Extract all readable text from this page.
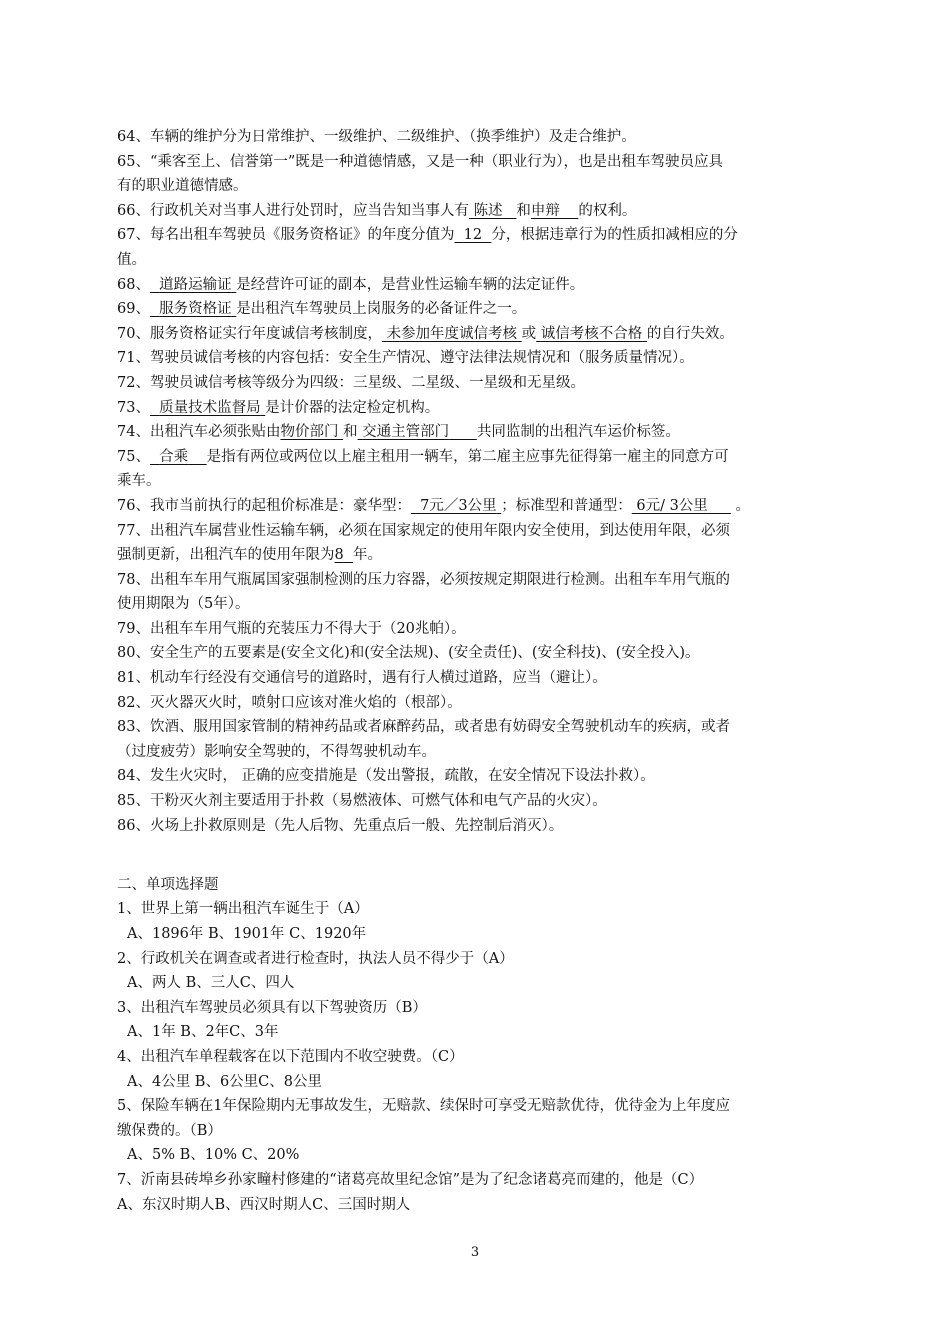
64、车辆的维护分为日常维护、一级维护、二级维护、（换季维护）及走合维护。
65、“乘客至上、信誉第一”既是一种道德情感，又是一种（职业行为），也是出租车驾驶员应具
有的职业道德情感。
66、行政机关对当事人进行处罚时，应当告知当事人有 陈述 和申辩 的权利。
67、每名出租车驾驶员《服务资格证》的年度分值为 12 分，根据违章行为的性质扣减相应的分
值。
68、 道路运输证 是经营许可证的副本，是营业性运输车辆的法定证件。
69、 服务资格证 是出租汽车驾驶员上岗服务的必备证件之一。
70、服务资格证实行年度诚信考核制度， 未参加年度诚信考核 或 诚信考核不合格 的自行失效。
71、驾驶员诚信考核的内容包括：安全生产情况、遵守法律法规情况和（服务质量情况）。
72、驾驶员诚信考核等级分为四级：三星级、二星级、一星级和无星级。
73、 质量技术监督局 是计价器的法定检定机构。
74、出租汽车必须张贴由物价部门 和 交通主管部门 共同监制的出租汽车运价标签。
75、 合乘 是指有两位或两位以上雇主租用一辆车，第二雇主应事先征得第一雇主的同意方可
乘车。
76、我市当前执行的起租价标准是：豪华型： 7元／3公里 ；标准型和普通型： 6元/ 3公里 。
77、出租汽车属营业性运输车辆，必须在国家规定的使用年限内安全使用，到达使用年限，必须
强制更新，出租汽车的使用年限为8 年。
78、出租车车用气瓶属国家强制检测的压力容器，必须按规定期限进行检测。出租车车用气瓶的
使用期限为（5年）。
79、出租车车用气瓶的充装压力不得大于（20兆帕）。
80、安全生产的五要素是(安全文化)和(安全法规)、(安全责任)、(安全科技)、(安全投入)。
81、机动车行经没有交通信号的道路时，遇有行人横过道路，应当（避让）。
82、灭火器灭火时，喷射口应该对准火焰的（根部）。
83、饮酒、服用国家管制的精神药品或者麻醉药品，或者患有妨碍安全驾驶机动车的疾病，或者
（过度疲劳）影响安全驾驶的，不得驾驶机动车。
84、发生火灾时， 正确的应变措施是（发出警报，疏散，在安全情况下设法扑救）。
85、干粉灭火剂主要适用于扑救（易燃液体、可燃气体和电气产品的火灾）。
86、火场上扑救原则是（先人后物、先重点后一般、先控制后消灭）。
二、单项选择题
1、世界上第一辆出租汽车诞生于（A）
A、1896年 B、1901年 C、1920年
2、行政机关在调查或者进行检查时，执法人员不得少于（A）
A、两人 B、三人C、四人
3、出租汽车驾驶员必须具有以下驾驶资历（B）
A、1年 B、2年C、3年
4、出租汽车单程载客在以下范围内不收空驶费。（C）
A、4公里 B、6公里C、8公里
5、保险车辆在1年保险期内无事故发生，无赔款、续保时可享受无赔款优待，优待金为上年度应
缴保费的。（B）
A、5% B、10% C、20%
7、沂南县砖埠乡孙家疃村修建的“诸葛亮故里纪念馆”是为了纪念诸葛亮而建的，他是（C）
A、东汉时期人B、西汉时期人C、三国时期人
3
